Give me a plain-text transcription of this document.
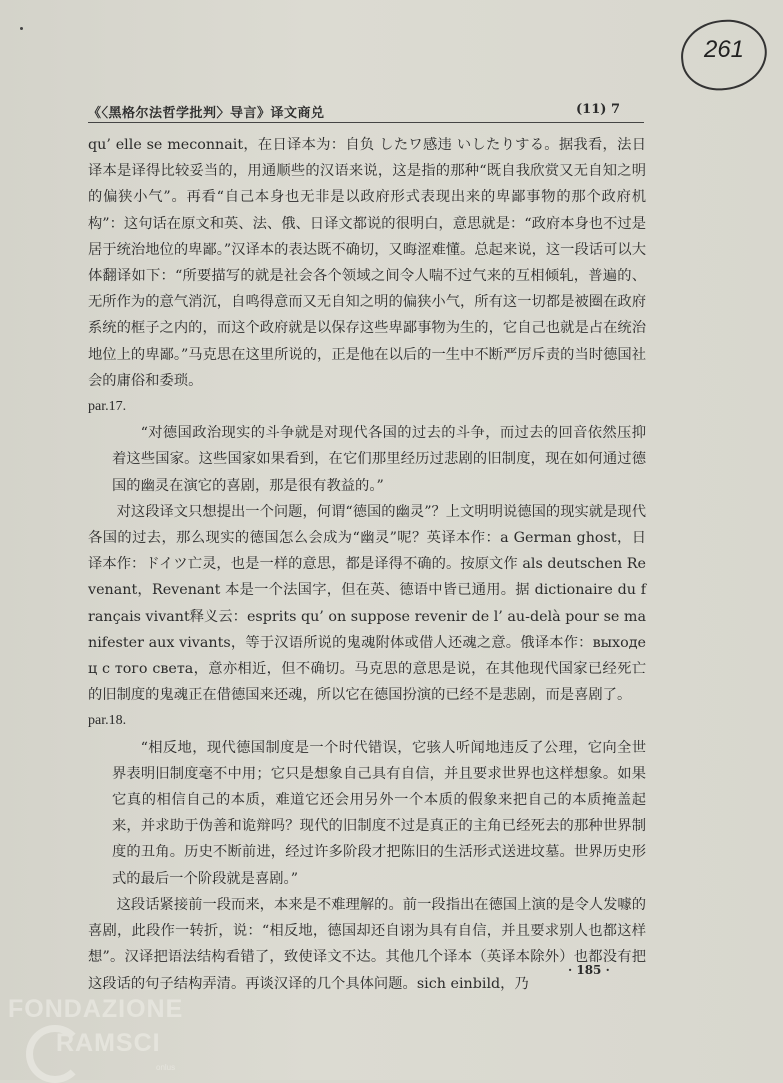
261
《〈黑格尔法哲学批判〉导言》译文商兑	(11) 7

qu’ elle se meconnait，在日译本为：自负 したワ感违 いしたりする。据我看，法日译本是译得比较妥当的，用通顺些的汉语来说，这是指的那种“既自我欣赏又无自知之明的偏狭小气”。再看“自己本身也无非是以政府形式表现出来的卑鄙事物的那个政府机构”：这句话在原文和英、法、俄、日译文都说的很明白，意思就是：“政府本身也不过是居于统治地位的卑鄙。”汉译本的表达既不确切，又晦涩难懂。总起来说，这一段话可以大体翻译如下：“所要描写的就是社会各个领域之间令人喘不过气来的互相倾轧，普遍的、无所作为的意气消沉，自鸣得意而又无自知之明的偏狭小气，所有这一切都是被圈在政府系统的框子之内的，而这个政府就是以保存这些卑鄙事物为生的，它自己也就是占在统治地位上的卑鄙。”马克思在这里所说的，正是他在以后的一生中不断严厉斥责的当时德国社会的庸俗和委琐。

par.17.

“对德国政治现实的斗争就是对现代各国的过去的斗争，而过去的回音依然压抑着这些国家。这些国家如果看到，在它们那里经历过悲剧的旧制度，现在如何通过德国的幽灵在演它的喜剧，那是很有教益的。”

对这段译文只想提出一个问题，何谓“德国的幽灵”？上文明明说德国的现实就是现代各国的过去，那么现实的德国怎么会成为“幽灵”呢？英译本作：a German ghost，日译本作：ドイツ亡灵，也是一样的意思，都是译得不确的。按原文作 als deutschen Revenant，Revenant 本是一个法国字，但在英、德语中皆已通用。据 dictionaire du français vivant释义云：esprits qu’ on suppose revenir de l’ au-delà pour se manifester aux vivants，等于汉语所说的鬼魂附体或借人还魂之意。俄译本作：выходец с того света，意亦相近，但不确切。马克思的意思是说，在其他现代国家已经死亡的旧制度的鬼魂正在借德国来还魂，所以它在德国扮演的已经不是悲剧，而是喜剧了。

par.18.

“相反地，现代德国制度是一个时代错误，它骇人听闻地违反了公理，它向全世界表明旧制度毫不中用；它只是想象自己具有自信，并且要求世界也这样想象。如果它真的相信自己的本质，难道它还会用另外一个本质的假象来把自己的本质掩盖起来，并求助于伪善和诡辩吗？现代的旧制度不过是真正的主角已经死去的那种世界制度的丑角。历史不断前进，经过许多阶段才把陈旧的生活形式送进坟墓。世界历史形式的最后一个阶段就是喜剧。”

这段话紧接前一段而来，本来是不难理解的。前一段指出在德国上演的是令人发噱的喜剧，此段作一转折，说：“相反地，德国却还自诩为具有自信，并且要求别人也都这样想”。汉译把语法结构看错了，致使译文不达。其他几个译本（英译本除外）也都没有把这段话的句子结构弄清。再谈汉译的几个具体问题。sich einbild，乃

· 185 ·
FONDAZIONE
RAMSCI
onlus
